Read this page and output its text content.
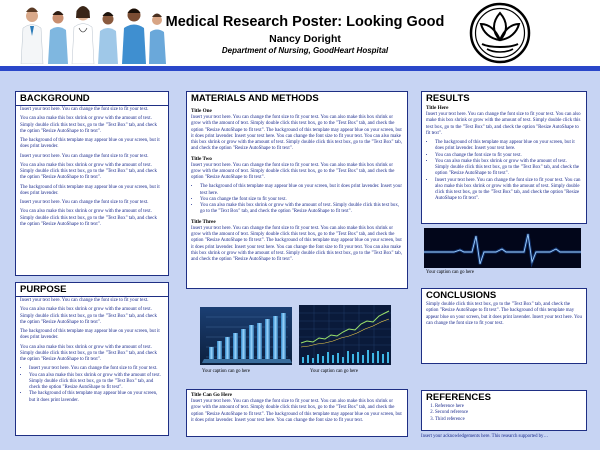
Medical Research Poster: Looking Good
Nancy Doright
Department of Nursing, GoodHeart Hospital
BACKGROUND

Insert your text here. You can change the font size to fit your text.

You can also make this box shrink or grow with the amount of text. Simply double click this text box, go to the "Text Box" tab, and check the option "Resize AutoShape to fit text".

The background of this template may appear blue on your screen, but it does print lavender.

Insert your text here. You can change the font size to fit your text.

You can also make this box shrink or grow with the amount of text. Simply double click this text box, go to the "Text Box" tab, and check the option "Resize AutoShape to fit text".

The background of this template may appear blue on your screen, but it does print lavender.

Insert your text here. You can change the font size to fit your text.

You can also make this box shrink or grow with the amount of text. Simply double click this text box, go to the "Text Box" tab, and check the option "Resize AutoShape to fit text".

PURPOSE

Insert your text here. You can change the font size to fit your text.

You can also make this box shrink or grow with the amount of text. Simply double click this text box, go to the "Text Box" tab, and check the option "Resize AutoShape to fit text".

The background of this template may appear blue on your screen, but it does print lavender.

You can also make this box shrink or grow with the amount of text. Simply double click this text box, go to the "Text Box" tab, and check the option "Resize AutoShape to fit text".

• Insert your text here. You can change the font size to fit your text.
• You can also make this box shrink or grow with the amount of text. Simply double click this text box, go to the "Text Box" tab, and check the option "Resize AutoShape to fit text".
• The background of this template may appear blue on your screen, but it does print lavender.
MATERIALS AND METHODS
Title One

Insert your text here. You can change the font size to fit your text. You can also make this box shrink or grow with the amount of text. Simply double click this text box, go to the "Text Box" tab, and check the option "Resize AutoShape to fit text". The background of this template may appear blue on your screen, but it does print lavender. Insert your text here. You can change the font size to fit your text. You can also make this box shrink or grow with the amount of text. Simply double click this text box, go to the "Text Box" tab, and check the option "Resize AutoShape to fit text".

Title Two

Insert your text here. You can change the font size to fit your text. You can also make this box shrink or grow with the amount of text. Simply double click this text box, go to the "Text Box" tab, and check the option "Resize AutoShape to fit text".

• The background of this template may appear blue on your screen, but it does print lavender. Insert your text here.
• You can change the font size to fit your text.
• You can also make this box shrink or grow with the amount of text. Simply double click this text box, go to the "Text Box" tab, and check the option "Resize AutoShape to fit text".
Title Three

Insert your text here. You can change the font size to fit your text. You can also make this box shrink or grow with the amount of text. Simply double click this text box, go to the "Text Box" tab, and check the option "Resize AutoShape to fit text". The background of this template may appear blue on your screen, but it does print lavender. Insert your text here. You can change the font size to fit your text. You can also make this box shrink or grow with the amount of text. Simply double click this text box, go to the "Text Box" tab, and check the option "Resize AutoShape to fit text".

Your caption can go here	Your caption can go here
Title Can Go Here

Insert your text here. You can change the font size to fit your text. You can also make this box shrink or grow with the amount of text. Simply double click this text box, go to the "Text Box" tab, and check the option "Resize AutoShape to fit text". The background of this template may appear blue on your screen, but it does print lavender. Insert your text here. You can change the font size to fit your text.

RESULTS
Title Here

Insert your text here. You can change the font size to fit your text. You can also make this box shrink or grow with the amount of text. Simply double click this text box, go to the "Text Box" tab, and check the option "Resize AutoShape to fit text".

• The background of this template may appear blue on your screen, but it does print lavender. Insert your text here.
• You can change the font size to fit your text.
• You can also make this box shrink or grow with the amount of text. Simply double click this text box, go to the "Text Box" tab, and check the option "Resize AutoShape to fit text".
• Insert your text here. You can change the font size to fit your text. You can also make this box shrink or grow with the amount of text. Simply double click this text box, go to the "Text Box" tab, and check the option "Resize AutoShape to fit text".
Your caption can go here
CONCLUSIONS

Simply double click this text box, go to the "Text Box" tab, and check the option "Resize AutoShape to fit text". The background of this template may appear blue on your screen, but it does print lavender. Insert your text here. You can change the font size to fit your text.

REFERENCES
1. Reference here
2. Second reference
3. Third reference
Insert your acknowledgements here. This research supported by…
